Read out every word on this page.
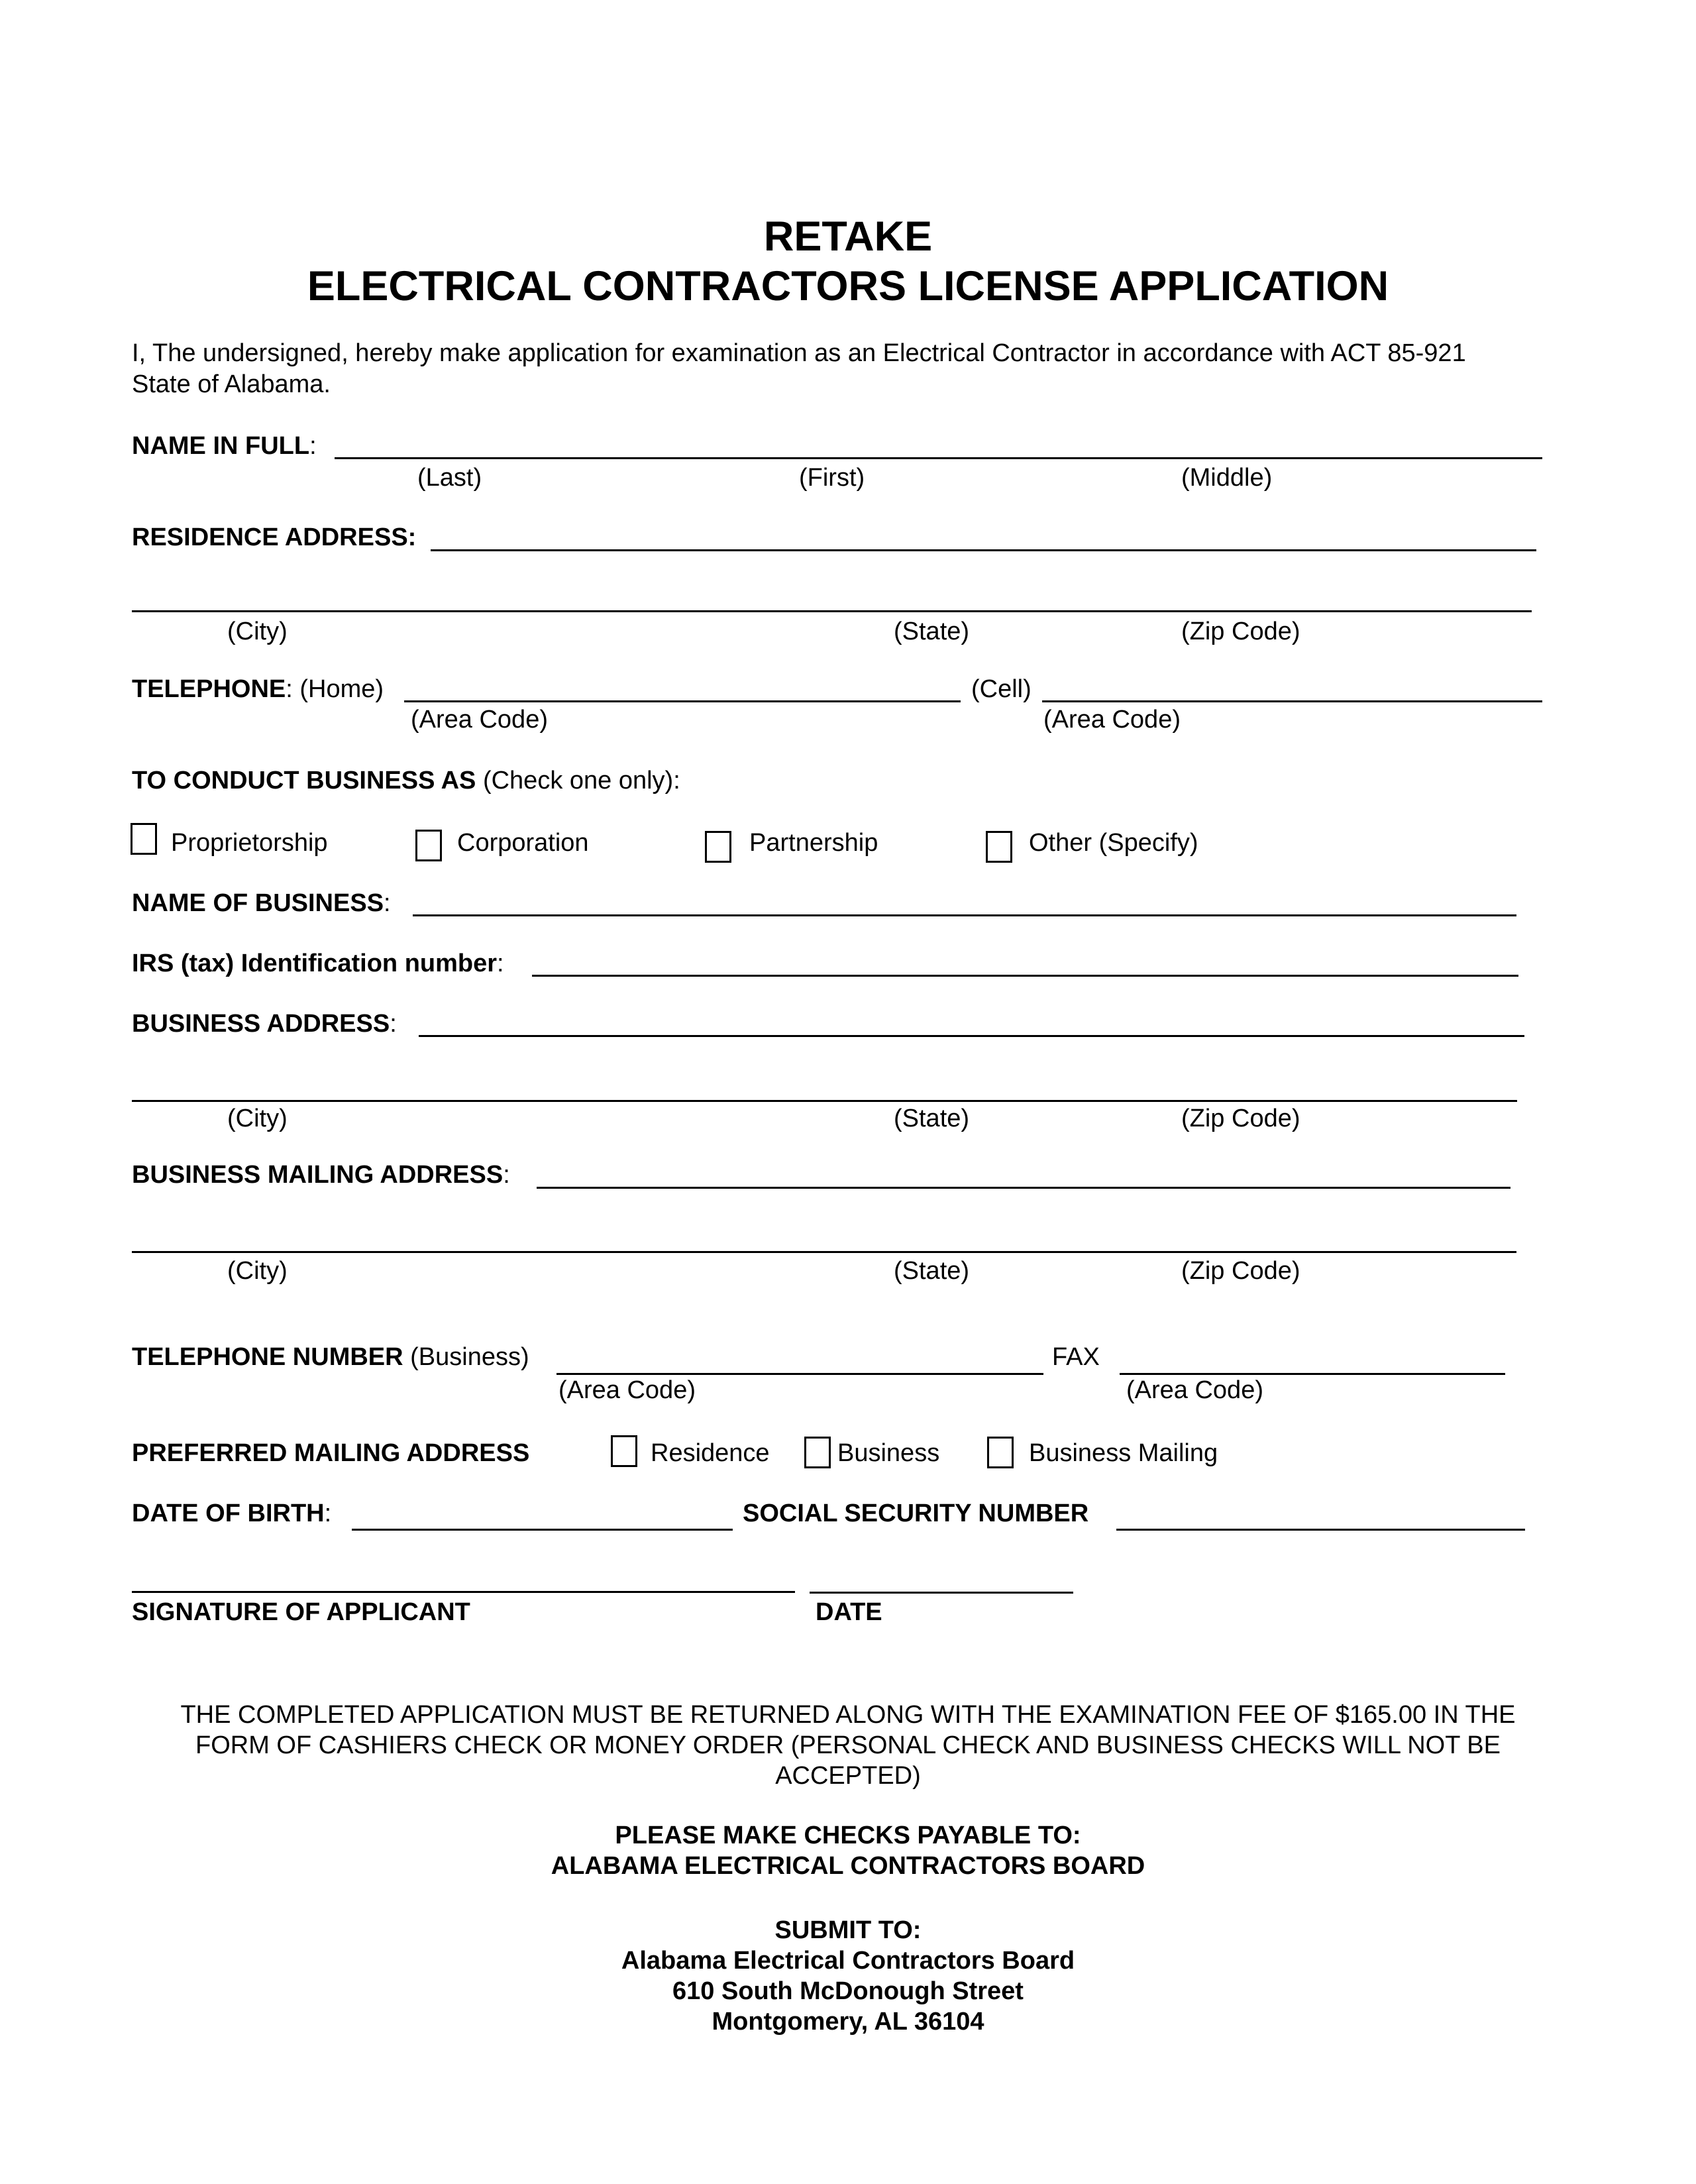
RETAKE
ELECTRICAL CONTRACTORS LICENSE APPLICATION
I, The undersigned, hereby make application for examination as an Electrical Contractor in accordance with ACT 85-921
State of Alabama.
NAME IN FULL:
(Last)	(First)	(Middle)
RESIDENCE ADDRESS:
(City)	(State)	(Zip Code)
TELEPHONE: (Home)	(Cell)
(Area Code)	(Area Code)
TO CONDUCT BUSINESS AS (Check one only):
Proprietorship	Corporation	Partnership	Other (Specify)
NAME OF BUSINESS:
IRS (tax) Identification number:
BUSINESS ADDRESS:
(City)	(State)	(Zip Code)
BUSINESS MAILING ADDRESS:
(City)	(State)	(Zip Code)
TELEPHONE NUMBER (Business)	FAX
(Area Code)	(Area Code)
PREFERRED MAILING ADDRESS	Residence	Business	Business Mailing
DATE OF BIRTH:	SOCIAL SECURITY NUMBER
SIGNATURE OF APPLICANT	DATE
THE COMPLETED APPLICATION MUST BE RETURNED ALONG WITH THE EXAMINATION FEE OF $165.00 IN THE
FORM OF CASHIERS CHECK OR MONEY ORDER (PERSONAL CHECK AND BUSINESS CHECKS WILL NOT BE
ACCEPTED)
PLEASE MAKE CHECKS PAYABLE TO:
ALABAMA ELECTRICAL CONTRACTORS BOARD
SUBMIT TO:
Alabama Electrical Contractors Board
610 South McDonough Street
Montgomery, AL 36104
